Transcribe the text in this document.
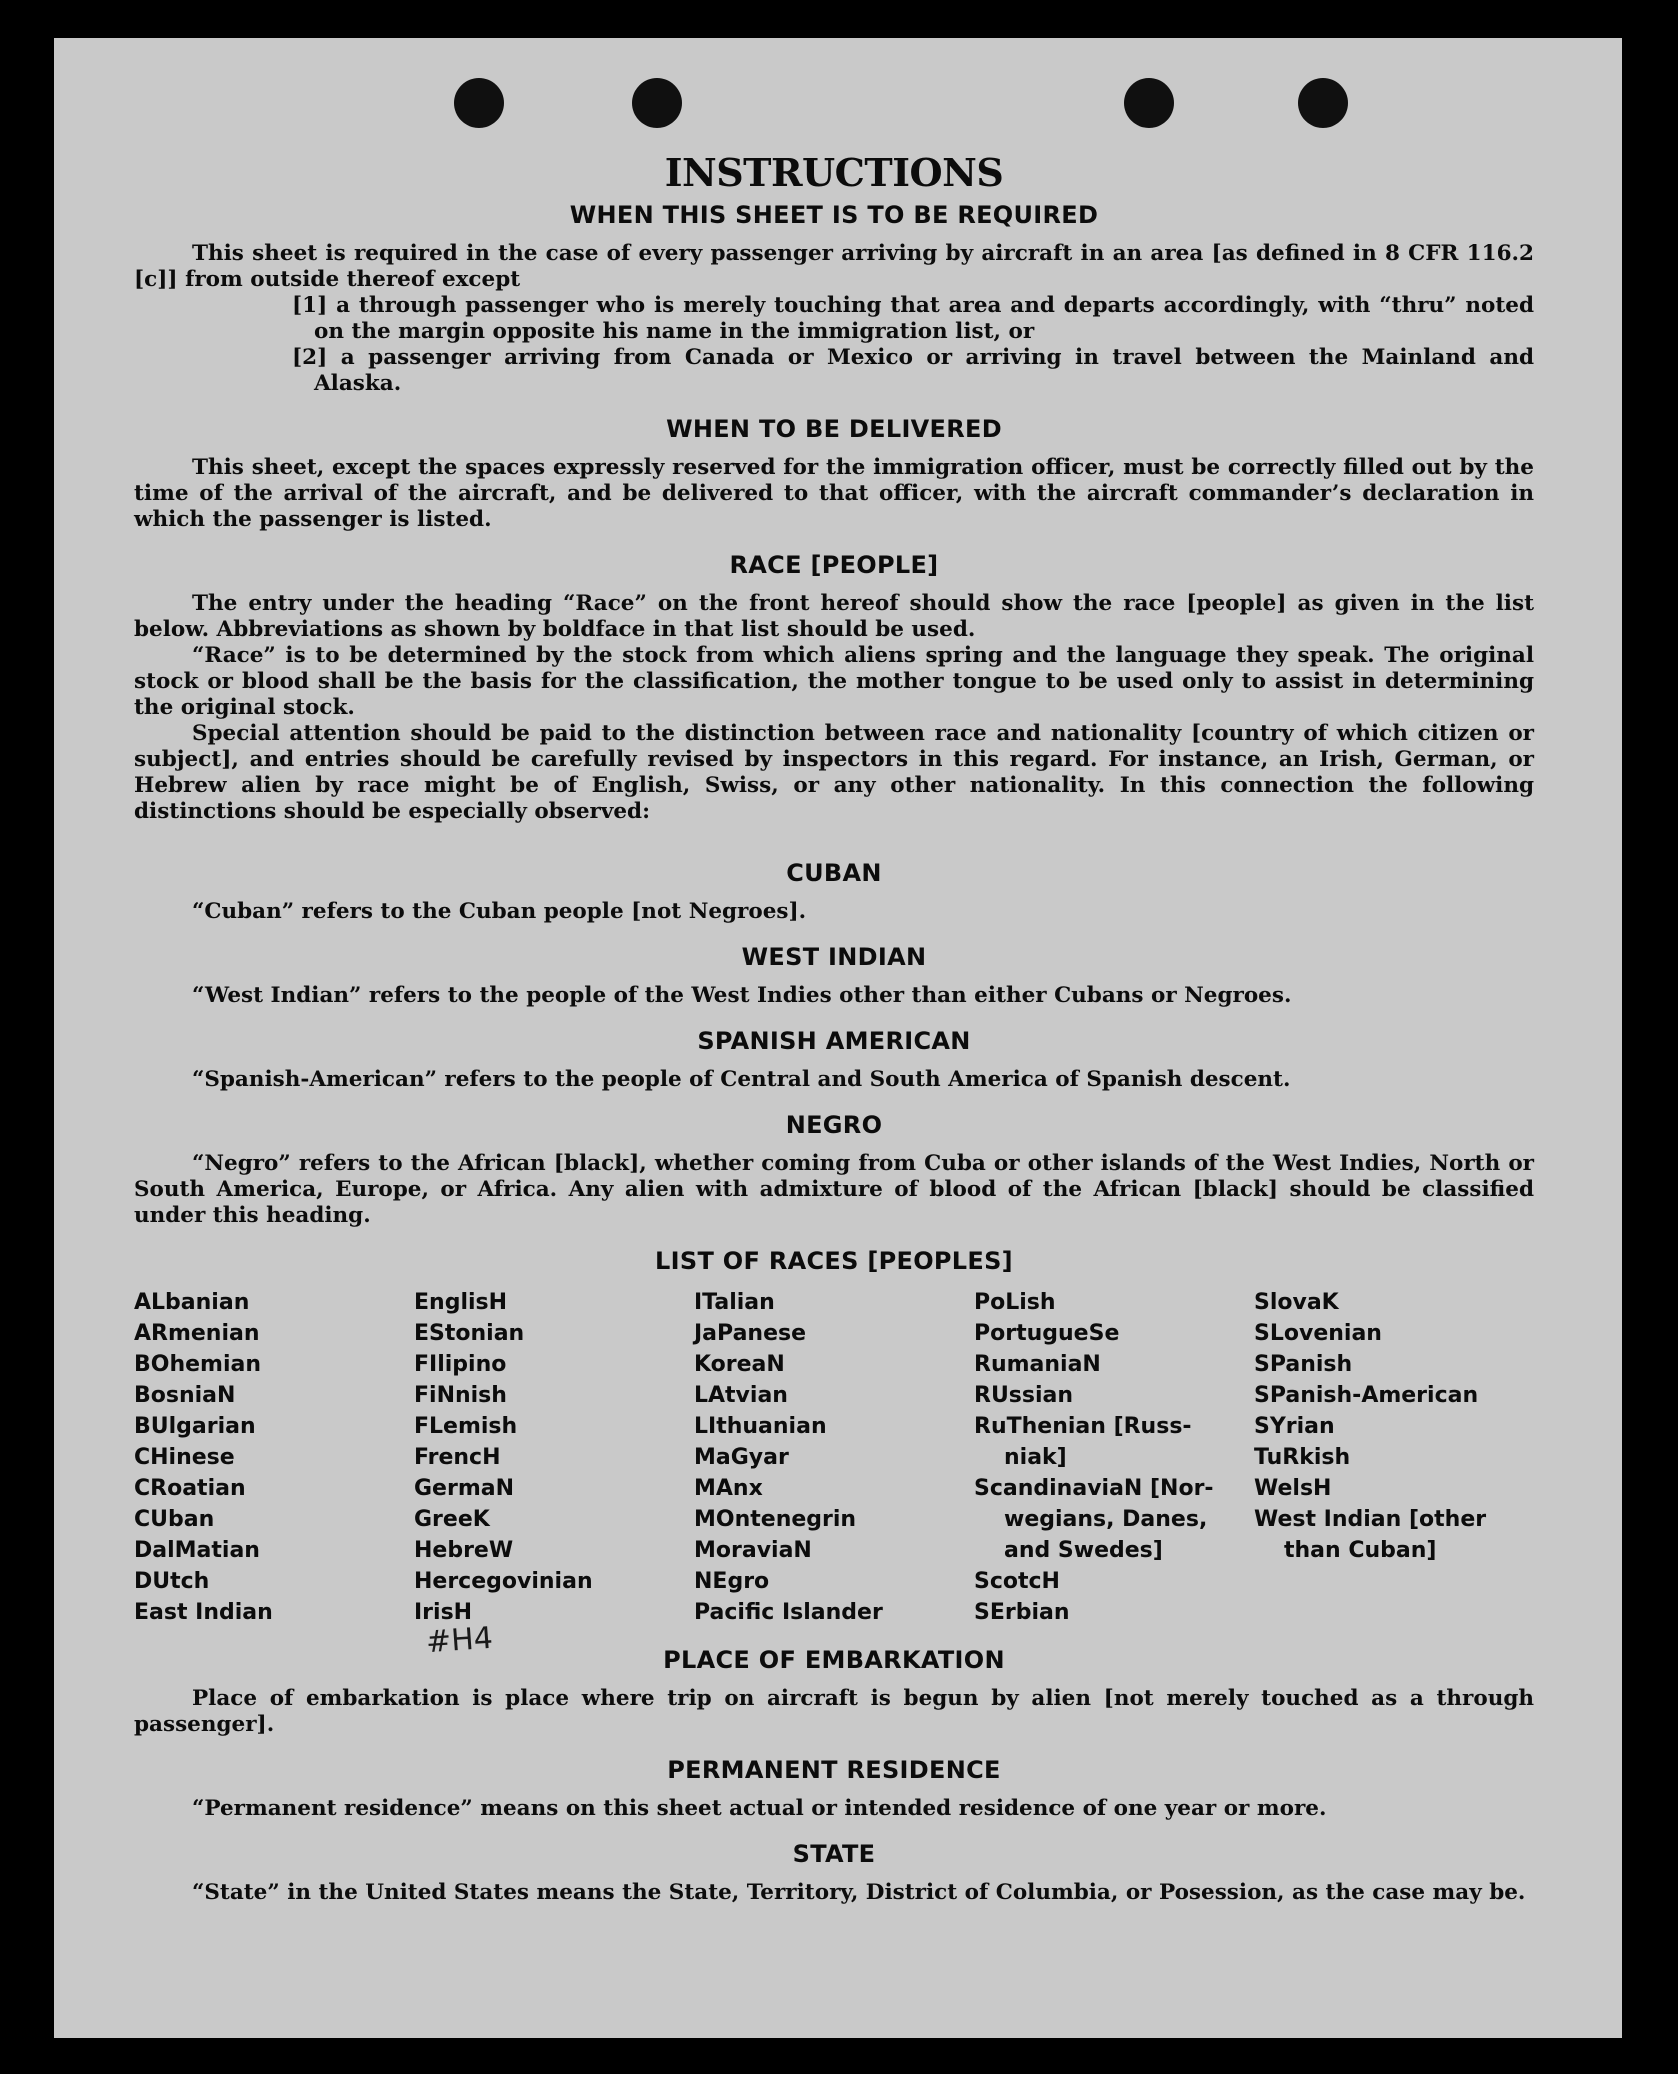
INSTRUCTIONS
WHEN THIS SHEET IS TO BE REQUIRED

This sheet is required in the case of every passenger arriving by aircraft in an area [as defined in 8 CFR 116.2 [c]] from outside thereof except

[1] a through passenger who is merely touching that area and departs accordingly, with “thru” noted on the margin opposite his name in the immigration list, or
[2] a passenger arriving from Canada or Mexico or arriving in travel between the Mainland and Alaska.
WHEN TO BE DELIVERED

This sheet, except the spaces expressly reserved for the immigration officer, must be correctly filled out by the time of the arrival of the aircraft, and be delivered to that officer, with the aircraft commander’s declaration in which the passenger is listed.

RACE [PEOPLE]

The entry under the heading “Race” on the front hereof should show the race [people] as given in the list below. Abbreviations as shown by boldface in that list should be used.

“Race” is to be determined by the stock from which aliens spring and the language they speak. The original stock or blood shall be the basis for the classification, the mother tongue to be used only to assist in determining the original stock.

Special attention should be paid to the distinction between race and nationality [country of which citizen or subject], and entries should be carefully revised by inspectors in this regard. For instance, an Irish, German, or Hebrew alien by race might be of English, Swiss, or any other nationality. In this connection the following distinctions should be especially observed:

CUBAN

“Cuban” refers to the Cuban people [not Negroes].

WEST INDIAN

“West Indian” refers to the people of the West Indies other than either Cubans or Negroes.

SPANISH AMERICAN

“Spanish-American” refers to the people of Central and South America of Spanish descent.

NEGRO

“Negro” refers to the African [black], whether coming from Cuba or other islands of the West Indies, North or South America, Europe, or Africa. Any alien with admixture of blood of the African [black] should be classified under this heading.

LIST OF RACES [PEOPLES]
ALbanian
ARmenian
BOhemian
BosniaN
BUlgarian
CHinese
CRoatian
CUban
DalMatian
DUtch
East Indian
EnglisH
EStonian
FIlipino
FiNnish
FLemish
FrencH
GermaN
GreeK
HebreW
Hercegovinian
IrisH
ITalian
JaPanese
KoreaN
LAtvian
LIthuanian
MaGyar
MAnx
MOntenegrin
MoraviaN
NEgro
Pacific Islander
PoLish
PortugueSe
RumaniaN
RUssian
RuThenian [Russ-
niak]
ScandinaviaN [Nor-
wegians, Danes,
and Swedes]
ScotcH
SErbian
SlovaK
SLovenian
SPanish
SPanish-American
SYrian
TuRkish
WelsH
West Indian [other
than Cuban]
PLACE OF EMBARKATION

Place of embarkation is place where trip on aircraft is begun by alien [not merely touched as a through passenger].

PERMANENT RESIDENCE

“Permanent residence” means on this sheet actual or intended residence of one year or more.

STATE

“State” in the United States means the State, Territory, District of Columbia, or Posession, as the case may be.

#H4
